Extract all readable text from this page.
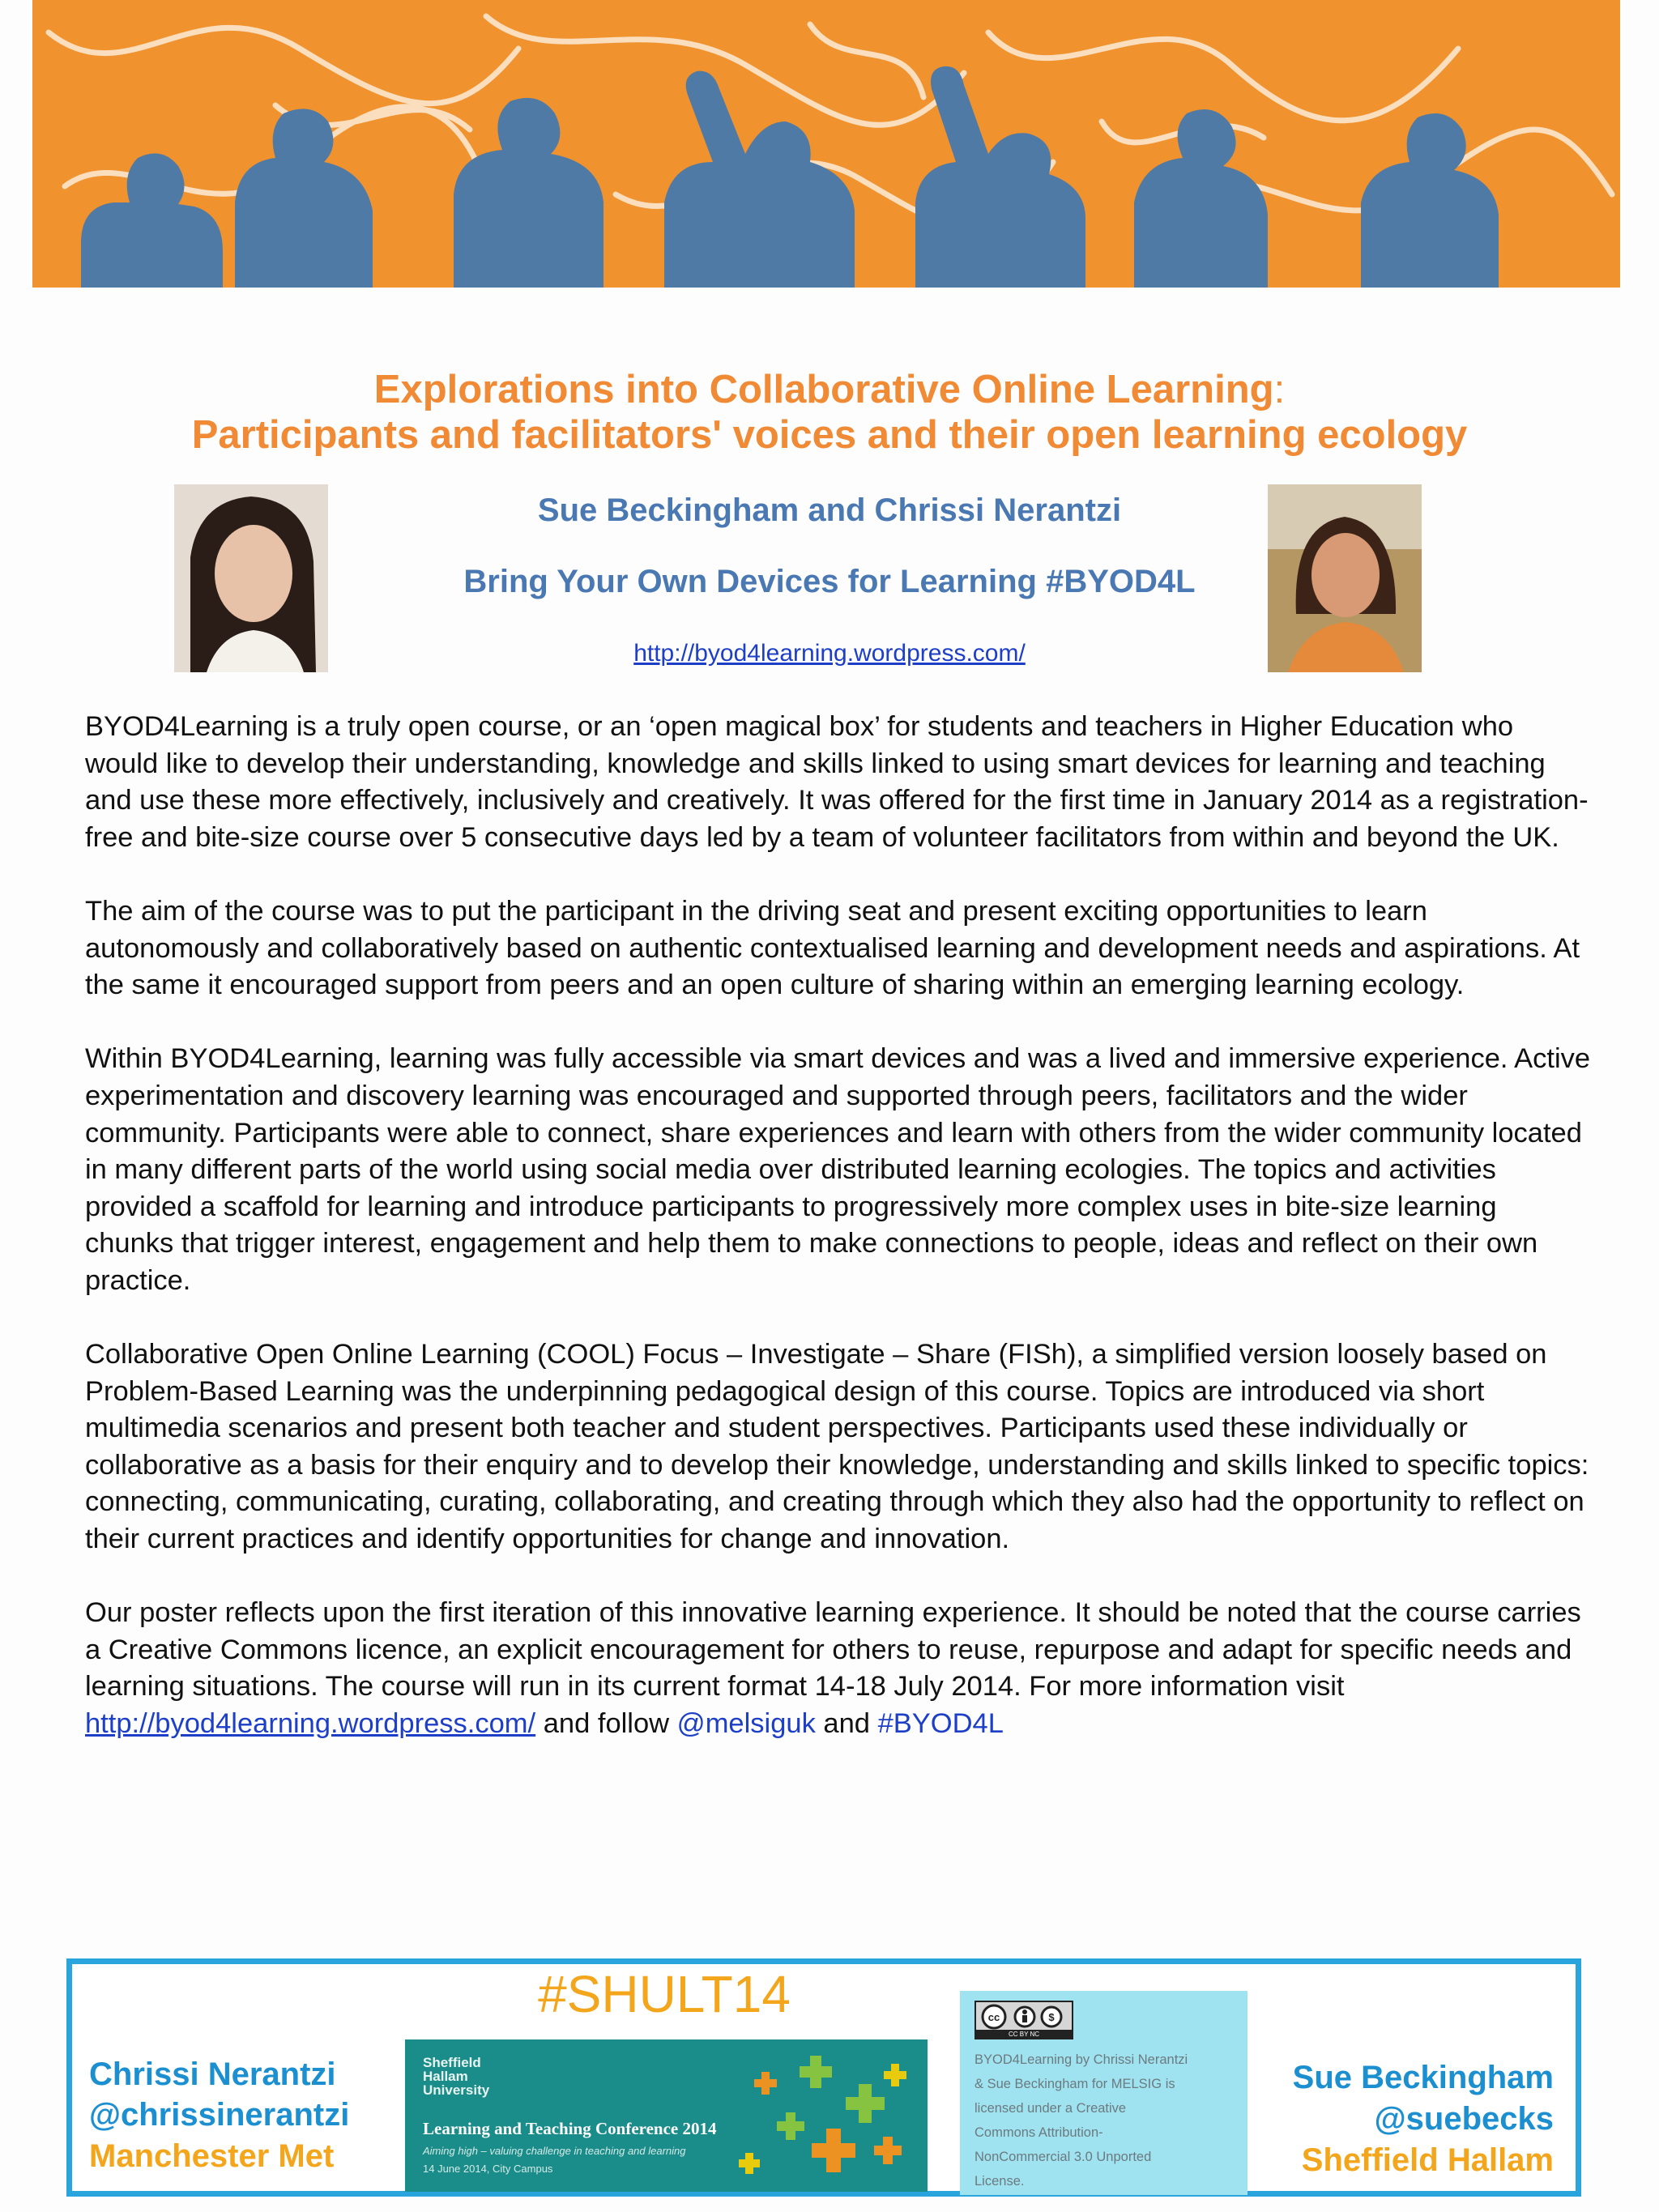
Explorations into Collaborative Online Learning:
Participants and facilitators' voices and their open learning ecology
Sue Beckingham and Chrissi Nerantzi
Bring Your Own Devices for Learning #BYOD4L
http://byod4learning.wordpress.com/

BYOD4Learning is a truly open course, or an ‘open magical box’ for students and teachers in Higher Education who would like to develop their understanding, knowledge and skills linked to using smart devices for learning and teaching and use these more effectively, inclusively and creatively. It was offered for the first time in January 2014 as a registration-free and bite-size course over 5 consecutive days led by a team of volunteer facilitators from within and beyond the UK.

The aim of the course was to put the participant in the driving seat and present exciting opportunities to learn autonomously and collaboratively based on authentic contextualised learning and development needs and aspirations. At the same it encouraged support from peers and an open culture of sharing within an emerging learning ecology.

Within BYOD4Learning, learning was fully accessible via smart devices and was a lived and immersive experience. Active experimentation and discovery learning was encouraged and supported through peers, facilitators and the wider community. Participants were able to connect, share experiences and learn with others from the wider community located in many different parts of the world using social media over distributed learning ecologies. The topics and activities provided a scaffold for learning and introduce participants to progressively more complex uses in bite-size learning chunks that trigger interest, engagement and help them to make connections to people, ideas and reflect on their own practice.

Collaborative Open Online Learning (COOL) Focus – Investigate – Share (FISh), a simplified version loosely based on Problem-Based Learning was the underpinning pedagogical design of this course. Topics are introduced via short multimedia scenarios and present both teacher and student perspectives. Participants used these individually or collaborative as a basis for their enquiry and to develop their knowledge, understanding and skills linked to specific topics: connecting, communicating, curating, collaborating, and creating through which they also had the opportunity to reflect on their current practices and identify opportunities for change and innovation.

Our poster reflects upon the first iteration of this innovative learning experience. It should be noted that the course carries a Creative Commons licence, an explicit encouragement for others to reuse, repurpose and adapt for specific needs and learning situations. The course will run in its current format 14-18 July 2014. For more information visit http://byod4learning.wordpress.com/ and follow @melsiguk and #BYOD4L

Chrissi Nerantzi
@chrissinerantzi
Manchester Met
#SHULT14
Sheffield
Hallam
University
Learning and Teaching Conference 2014
Aiming high – valuing challenge in teaching and learning
14 June 2014, City Campus
cc	$
CC BY NC
BYOD4Learning by Chrissi Nerantzi
& Sue Beckingham for MELSIG is
licensed under a Creative
Commons Attribution-
NonCommercial 3.0 Unported
License.
Sue Beckingham
@suebecks
Sheffield Hallam
